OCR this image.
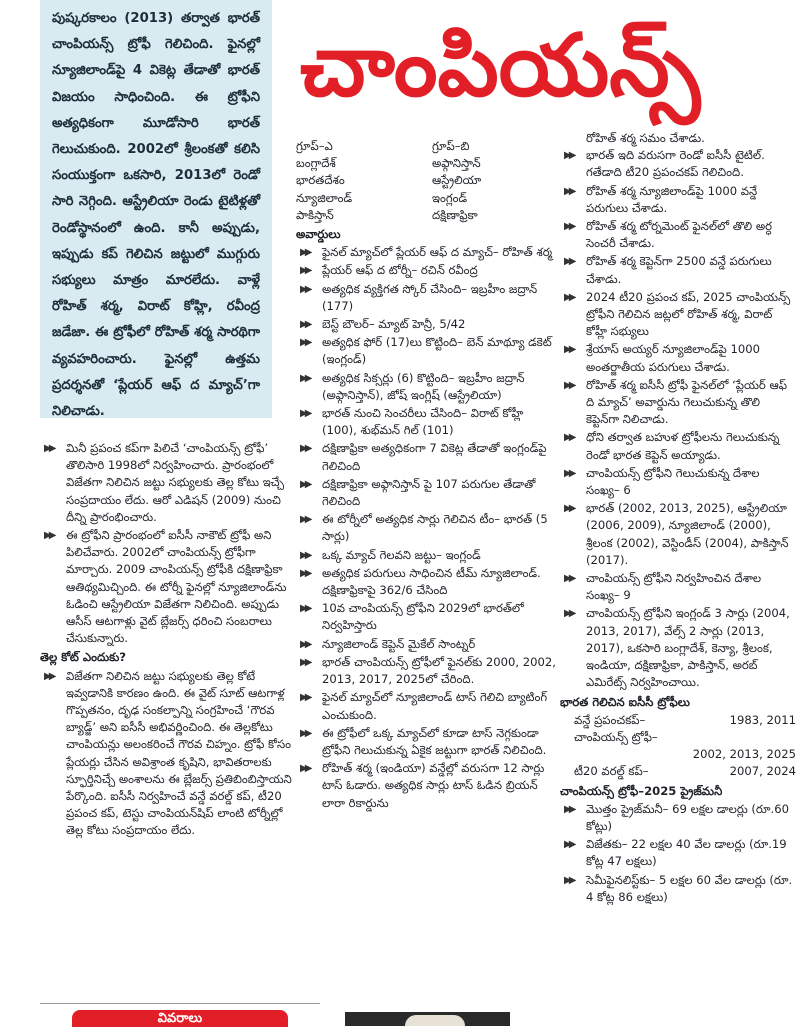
పుష్కరకాలం (2013) తర్వాత భారత్ చాంపియన్స్ ట్రోఫీ గెలిచింది. ఫైనల్లో న్యూజిలాండ్‌పై 4 వికెట్ల తేడాతో భారత్ విజయం సాధించింది. ఈ ట్రోఫీని అత్యధికంగా మూడోసారి భారత్ గెలుచుకుంది. 2002లో శ్రీలంకతో కలిసి సంయుక్తంగా ఒకసారి, 2013లో రెండో సారి నెగ్గింది. ఆస్ట్రేలియా రెండు టైటిళ్లతో రెండోస్థానంలో ఉంది. కానీ అప్పుడు, ఇప్పుడు కప్ గెలిచిన జట్టులో ముగ్గురు సభ్యులు మాత్రం మారలేదు. వాళ్లే రోహిత్ శర్మ, విరాట్ కోహ్లి, రవీంద్ర జడేజా. ఈ ట్రోఫీలో రోహిత్ శర్మ సారథిగా వ్యవహరించారు. ఫైనల్లో ఉత్తమ ప్రదర్శనతో ‘ప్లేయర్ ఆఫ్ ద మ్యాచ్’గా నిలిచాడు.

చాంపియన్స్
▶▶ మినీ ప్రపంచ కప్‌గా పిలిచే ‘చాంపియన్స్ ట్రోఫీ’ తొలిసారి 1998లో నిర్వహించారు. ప్రారంభంలో విజేతగా నిలిచిన జట్టు సభ్యులకు తెల్ల కోటు ఇచ్చే సంప్రదాయం లేదు. ఆరో ఎడిషన్ (2009) నుంచి దీన్ని ప్రారంభించారు.
▶▶ ఈ ట్రోఫీని ప్రారంభంలో ఐసీసీ నాకౌట్ ట్రోఫీ అని పిలిచేవారు. 2002లో చాంపియన్స్ ట్రోఫీగా మార్చారు. 2009 చాంపియన్స్ ట్రోఫీకి దక్షిణాఫ్రికా ఆతిథ్యమిచ్చింది. ఈ టోర్నీ ఫైనల్లో న్యూజిలాండ్‌ను ఓడించి ఆస్ట్రేలియా విజేతగా నిలిచింది. అప్పుడు ఆసీస్ ఆటగాళ్లు వైట్ బ్లేజర్స్ ధరించి సంబరాలు చేసుకున్నారు.
తెల్ల కోట్ ఎందుకు?
▶▶ విజేతగా నిలిచిన జట్టు సభ్యులకు తెల్ల కోటే ఇవ్వడానికి కారణం ఉంది. ఈ వైట్ సూట్ ఆటగాళ్ల గొప్పతనం, దృఢ సంకల్పాన్ని సంగ్రహించే ‘గౌరవ బ్యాడ్జ్’ అని ఐసీసీ అభివర్ణించింది. ఈ తెల్లకోటు చాంపియన్లు అలంకరించే గౌరవ చిహ్నం. ట్రోఫీ కోసం ప్లేయర్లు చేసిన అవిశ్రాంత కృషిని, భావితరాలకు స్ఫూర్తినిచ్చే అంశాలను ఈ బ్లేజర్స్ ప్రతిబింబిస్తాయని పేర్కొంది. ఐసీసీ నిర్వహించే వన్డే వరల్డ్ కప్, టీ20 ప్రపంచ కప్, టెస్టు చాంపియన్‌షిప్ లాంటి టోర్నీల్లో తెల్ల కోటు సంప్రదాయం లేదు.
గ్రూప్–ఎ	గ్రూప్–బి
బంగ్లాదేశ్	అఫ్గానిస్తాన్
భారతదేశం	ఆస్ట్రేలియా
న్యూజిలాండ్	ఇంగ్లండ్
పాకిస్తాన్	దక్షిణాఫ్రికా
అవార్డులు
▶▶ ఫైనల్ మ్యాచ్‌లో ప్లేయర్ ఆఫ్ ద మ్యాచ్– రోహిత్ శర్మ
▶▶ ప్లేయర్ ఆఫ్ ద టోర్నీ– రచిన్ రవీంద్ర
▶▶ అత్యధిక వ్యక్తిగత స్కోర్ చేసింది– ఇబ్రహీం జద్రాన్ (177)
▶▶ బెస్ట్ బౌలర్– మ్యాట్ హెన్రీ, 5/42
▶▶ అత్యధిక ఫోర్ (17)లు కొట్టింది– బెన్ మాథ్యూ డకెట్ (ఇంగ్లండ్)
▶▶ అత్యధిక సిక్సర్లు (6) కొట్టింది– ఇబ్రహీం జద్రాన్ (అఫ్గానిస్తాన్), జోష్ ఇంగ్లిష్ (ఆస్ట్రేలియా)
▶▶ భారత్ నుంచి సెంచరీలు చేసింది– విరాట్ కోహ్లీ (100), శుభ్‌మన్ గిల్ (101)
▶▶ దక్షిణాఫ్రికా అత్యధికంగా 7 వికెట్ల తేడాతో ఇంగ్లండ్‌పై గెలిచింది
▶▶ దక్షిణాఫ్రికా అఫ్గానిస్తాన్ పై 107 పరుగుల తేడాతో గెలిచింది
▶▶ ఈ టోర్నీలో అత్యధిక సార్లు గెలిచిన టీం– భారత్ (5 సార్లు)
▶▶ ఒక్క మ్యాచ్ గెలవని జట్టు– ఇంగ్లండ్
▶▶ అత్యధిక పరుగులు సాధించిన టీమ్ న్యూజిలాండ్. దక్షిణాఫ్రికాపై 362/6 చేసింది
▶▶ 10వ చాంపియన్స్ ట్రోఫీని 2029లో భారత్‌లో నిర్వహిస్తారు
▶▶ న్యూజిలాండ్ కెప్టెన్ మైకేల్ సాంట్నర్
▶▶ భారత్ చాంపియన్స్ ట్రోఫీలో ఫైనల్‌కు 2000, 2002, 2013, 2017, 2025లో చేరింది.
▶▶ ఫైనల్ మ్యాచ్‌లో న్యూజిలాండ్ టాస్ గెలిచి బ్యాటింగ్ ఎంచుకుంది.
▶▶ ఈ ట్రోఫీలో ఒక్క మ్యాచ్‌లో కూడా టాస్ నెగ్గకుండా ట్రోఫీని గెలుచుకున్న ఏకైక జట్టుగా భారత్ నిలిచింది.
▶▶ రోహిత్ శర్మ (ఇండియా) వన్డేల్లో వరుసగా 12 సార్లు టాస్ ఓడారు. అత్యధిక సార్లు టాస్ ఓడిన బ్రియన్ లారా రికార్డును
రోహిత్ శర్మ సమం చేశాడు.
▶▶ భారత్ ఇది వరుసగా రెండో ఐసీసీ టైటిల్. గతేడాది టీ20 ప్రపంచకప్ గెలిచింది.
▶▶ రోహిత్ శర్మ న్యూజిలాండ్‌పై 1000 వన్డే పరుగులు చేశాడు.
▶▶ రోహిత్ శర్మ టోర్నమెంట్ ఫైనల్‌లో తొలి అర్ధ సెంచరీ చేశాడు.
▶▶ రోహిత్ శర్మ కెప్టెన్‌గా 2500 వన్డే పరుగులు చేశాడు.
▶▶ 2024 టీ20 ప్రపంచ కప్, 2025 చాంపియన్స్ ట్రోఫీని గెలిచిన జట్లలో రోహిత్ శర్మ, విరాట్ కోహ్లీ సభ్యులు
▶▶ శ్రేయాస్ అయ్యర్ న్యూజిలాండ్‌పై 1000 అంతర్జాతీయ పరుగులు చేశాడు.
▶▶ రోహిత్ శర్మ ఐసీసీ ట్రోఫీ ఫైనల్‌లో ‘ప్లేయర్ ఆఫ్ ది మ్యాచ్’ అవార్డును గెలుచుకున్న తొలి కెప్టెన్‌గా నిలిచాడు.
▶▶ ధోని తర్వాత బహుళ ట్రోఫీలను గెలుచుకున్న రెండో భారత కెప్టెన్ అయ్యాడు.
▶▶ చాంపియన్స్ ట్రోఫీని గెలుచుకున్న దేశాల సంఖ్య– 6
▶▶ భారత్ (2002, 2013, 2025), ఆస్ట్రేలియా (2006, 2009), న్యూజిలాండ్ (2000), శ్రీలంక (2002), వెస్టిండీస్ (2004), పాకిస్తాన్ (2017).
▶▶ చాంపియన్స్ ట్రోఫీని నిర్వహించిన దేశాల సంఖ్య– 9
▶▶ చాంపియన్స్ ట్రోఫీని ఇంగ్లండ్ 3 సార్లు (2004, 2013, 2017), వేల్స్ 2 సార్లు (2013, 2017), ఒకసారి బంగ్లాదేశ్, కెన్యా, శ్రీలంక, ఇండియా, దక్షిణాఫ్రికా, పాకిస్తాన్, అరబ్ ఎమిరేట్స్ నిర్వహించాయి.
భారత గెలిచిన ఐసీసీ ట్రోఫీలు
వన్డే ప్రపంచకప్–	1983, 2011
చాంపియన్స్ ట్రోఫీ–
2002, 2013, 2025
టీ20 వరల్డ్ కప్–	2007, 2024
చాంపియన్స్ ట్రోఫీ–2025 ప్రైజ్‌మనీ
▶▶ మొత్తం ప్రైజ్‌మనీ– 69 లక్షల డాలర్లు (రూ.60 కోట్లు)
▶▶ విజేతకు– 22 లక్షల 40 వేల డాలర్లు (రూ.19 కోట్ల 47 లక్షలు)
▶▶ సెమీఫైనలిస్ట్‌కు– 5 లక్షల 60 వేల డాలర్లు (రూ. 4 కోట్ల 86 లక్షలు)
వివరాలు
